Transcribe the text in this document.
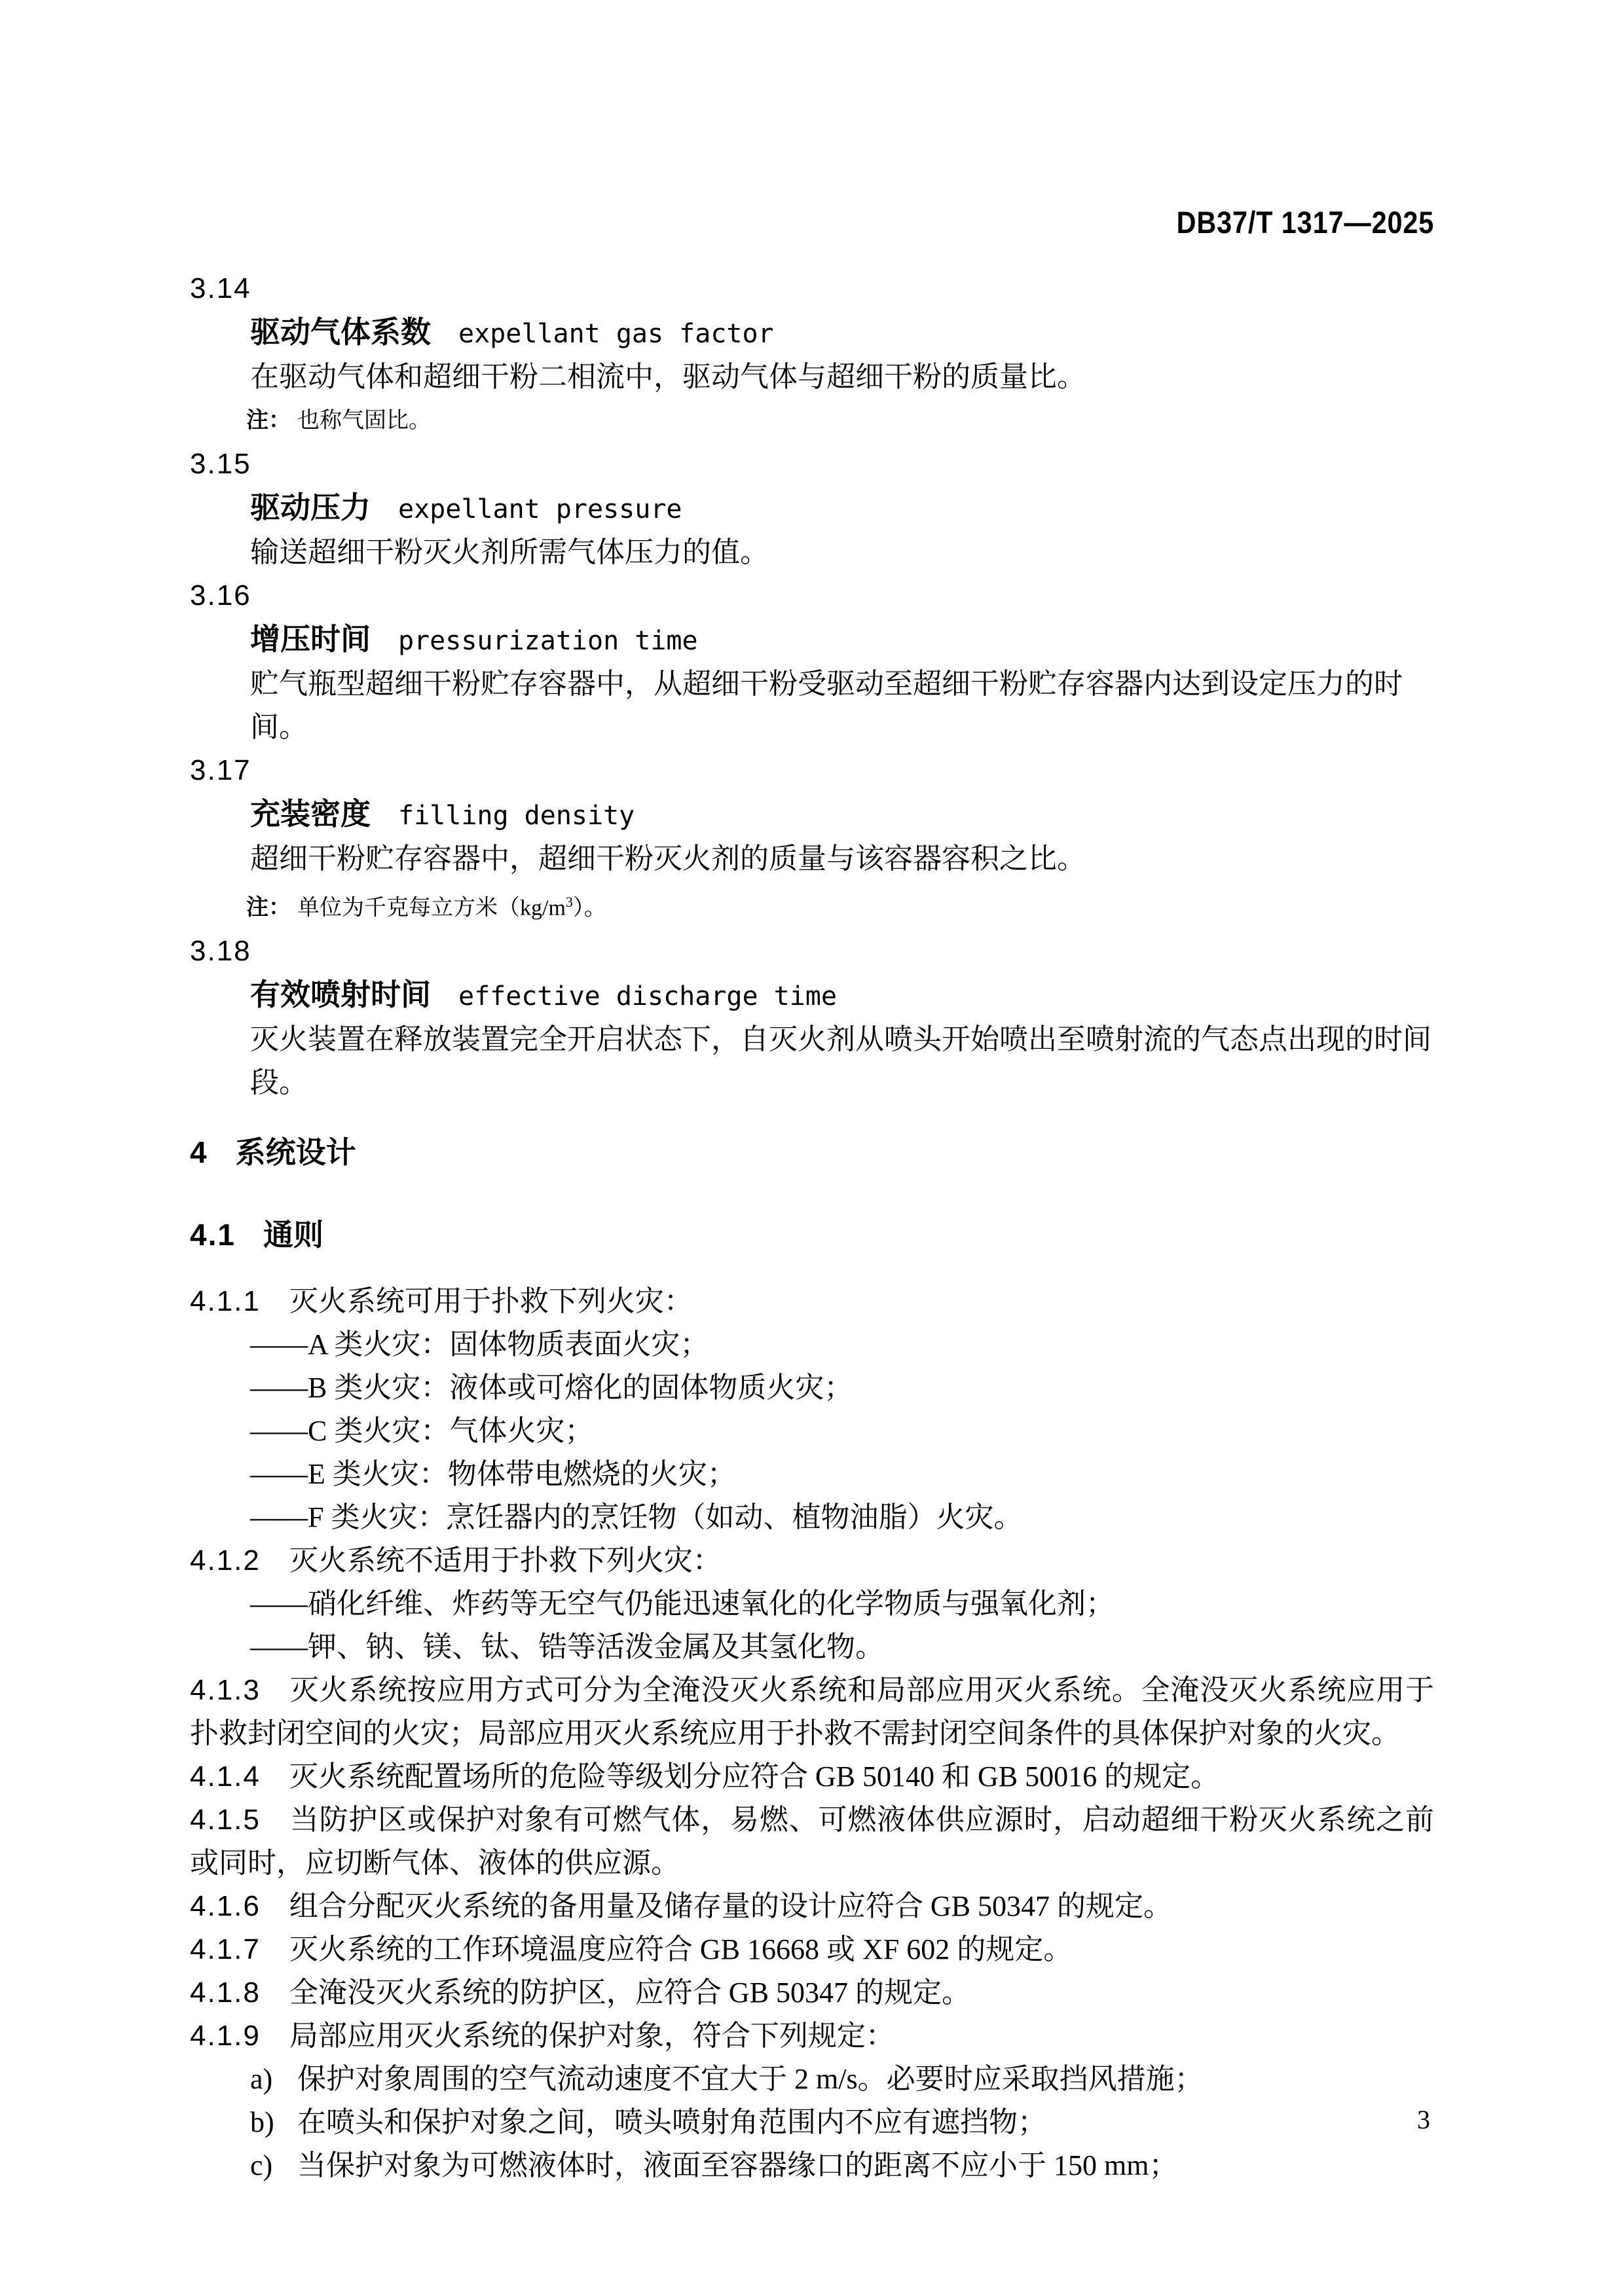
DB37/T 1317—2025

3.14

驱动气体系数 expellant gas factor

在驱动气体和超细干粉二相流中，驱动气体与超细干粉的质量比。

注： 也称气固比。

3.15

驱动压力 expellant pressure

输送超细干粉灭火剂所需气体压力的值。

3.16

增压时间 pressurization time

贮气瓶型超细干粉贮存容器中，从超细干粉受驱动至超细干粉贮存容器内达到设定压力的时间。

3.17

充装密度 filling density

超细干粉贮存容器中，超细干粉灭火剂的质量与该容器容积之比。

注： 单位为千克每立方米$(kg/m^3)$。

3.18

有效喷射时间 effective discharge time

灭火装置在释放装置完全开启状态下，自灭火剂从喷头开始喷出至喷射流的气态点出现的时间段。

4 系统设计

4.1 通则

4.1.1 灭火系统可用于扑救下列火灾：

——A 类火灾：固体物质表面火灾；

——B 类火灾：液体或可熔化的固体物质火灾；

——C 类火灾：气体火灾；

——E 类火灾：物体带电燃烧的火灾；

——F 类火灾：烹饪器内的烹饪物（如动、植物油脂）火灾。

4.1.2 灭火系统不适用于扑救下列火灾：

——硝化纤维、炸药等无空气仍能迅速氧化的化学物质与强氧化剂；

——钾、钠、镁、钛、锆等活泼金属及其氢化物。

4.1.3 灭火系统按应用方式可分为全淹没灭火系统和局部应用灭火系统。全淹没灭火系统应用于扑救封闭空间的火灾；局部应用灭火系统应用于扑救不需封闭空间条件的具体保护对象的火灾。

4.1.4 灭火系统配置场所的危险等级划分应符合 GB 50140 和 GB 50016 的规定。

4.1.5 当防护区或保护对象有可燃气体，易燃、可燃液体供应源时，启动超细干粉灭火系统之前或同时，应切断气体、液体的供应源。

4.1.6 组合分配灭火系统的备用量及储存量的设计应符合 GB 50347 的规定。

4.1.7 灭火系统的工作环境温度应符合 GB 16668 或 XF 602 的规定。

4.1.8 全淹没灭火系统的防护区，应符合 GB 50347 的规定。

4.1.9 局部应用灭火系统的保护对象，符合下列规定：

a) 保护对象周围的空气流动速度不宜大于 2 m/s。必要时应采取挡风措施；
b) 在喷头和保护对象之间，喷头喷射角范围内不应有遮挡物；
c) 当保护对象为可燃液体时，液面至容器缘口的距离不应小于 150 mm；
3
